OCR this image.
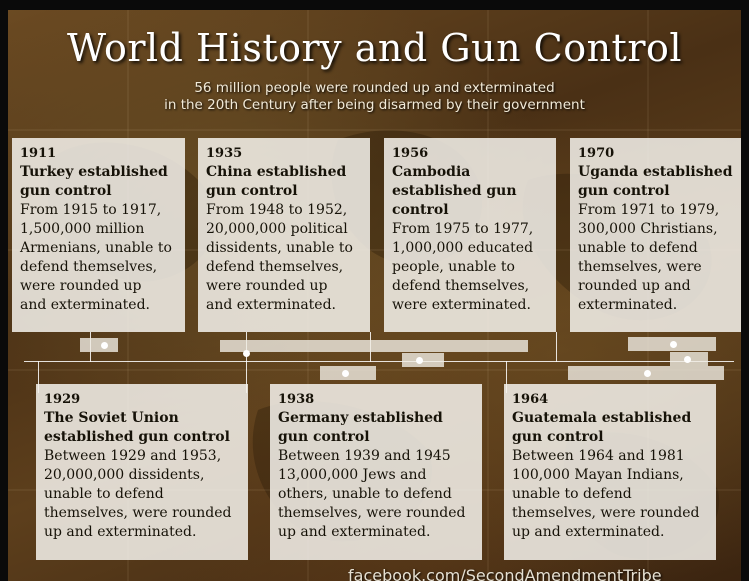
World History and Gun Control
56 million people were rounded up and exterminated
in the 20th Century after being disarmed by their government
1911
Turkey established
gun control
From 1915 to 1917,
1,500,000 million
Armenians, unable to
defend themselves,
were rounded up
and exterminated.
1935
China established
gun control
From 1948 to 1952,
20,000,000 political
dissidents, unable to
defend themselves,
were rounded up
and exterminated.
1956
Cambodia
established gun
control
From 1975 to 1977,
1,000,000 educated
people, unable to
defend themselves,
were exterminated.
1970
Uganda established
gun control
From 1971 to 1979,
300,000 Christians,
unable to defend
themselves, were
rounded up and
exterminated.
1929
The Soviet Union
established gun control
Between 1929 and 1953,
20,000,000 dissidents,
unable to defend
themselves, were rounded
up and exterminated.
1938
Germany established
gun control
Between 1939 and 1945
13,000,000 Jews and
others, unable to defend
themselves, were rounded
up and exterminated.
1964
Guatemala established
gun control
Between 1964 and 1981
100,000 Mayan Indians,
unable to defend
themselves, were rounded
up and exterminated.
facebook.com/SecondAmendmentTribe
